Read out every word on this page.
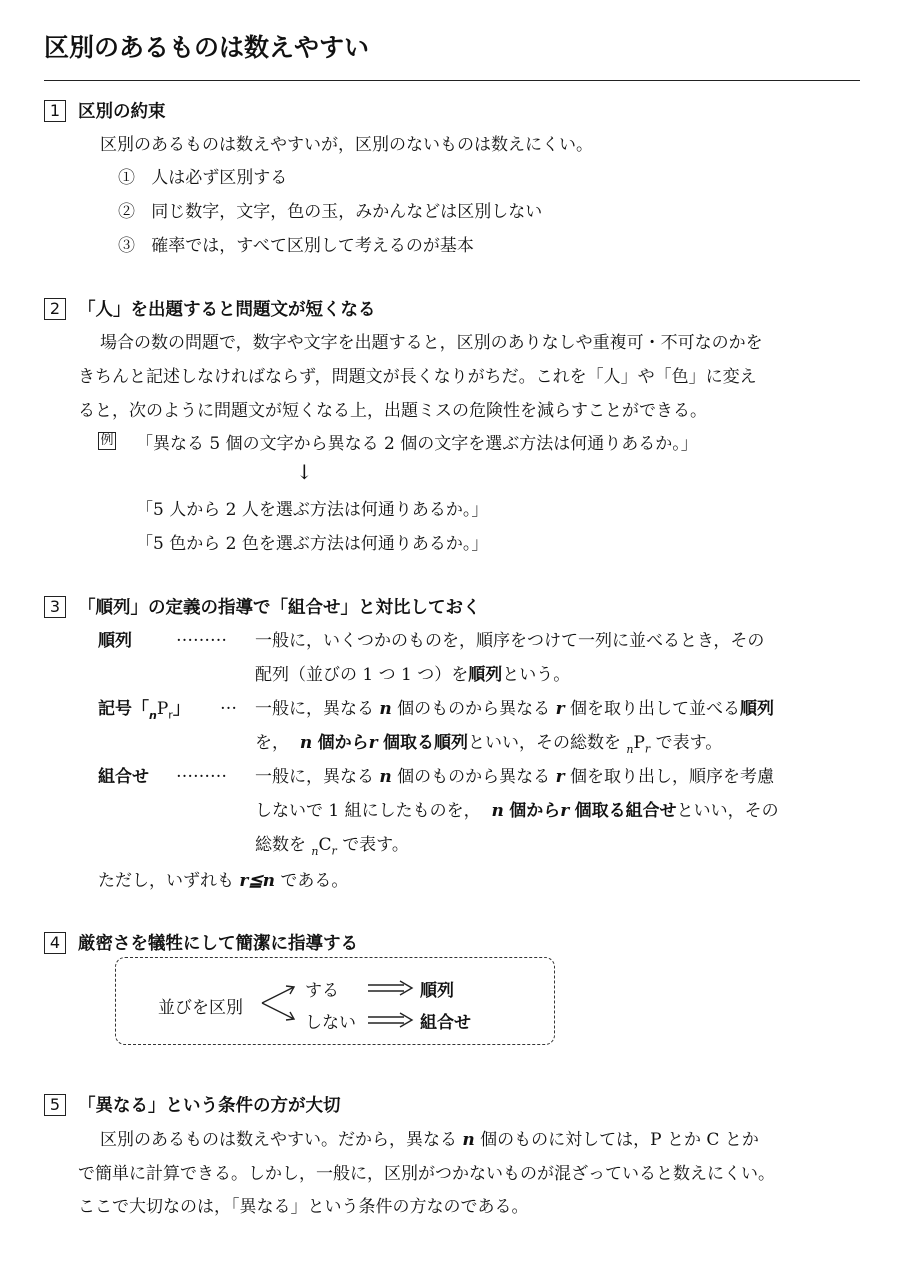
区別のあるものは数えやすい
1	区別の約束
区別のあるものは数えやすいが，区別のないものは数えにくい。
① 人は必ず区別する
② 同じ数字，文字，色の玉，みかんなどは区別しない
③ 確率では，すべて区別して考えるのが基本
2	「人」を出題すると問題文が短くなる
場合の数の問題で，数字や文字を出題すると，区別のありなしや重複可・不可なのかを
きちんと記述しなければならず，問題文が長くなりがちだ。これを「人」や「色」に変え
ると，次のように問題文が短くなる上，出題ミスの危険性を減らすことができる。
例 「異なる 5 個の文字から異なる 2 個の文字を選ぶ方法は何通りあるか。」
↓
「5 人から 2 人を選ぶ方法は何通りあるか。」
「5 色から 2 色を選ぶ方法は何通りあるか。」
3	「順列」の定義の指導で「組合せ」と対比しておく
順列	……… 一般に，いくつかのものを，順序をつけて一列に並べるとき，その
配列（並びの 1 つ 1 つ）を順列という。
記号「$_nP_r$」 … 一般に，異なる n 個のものから異なる r 個を取り出して並べる順列
を， n 個からr 個取る順列といい，その総数を $_nP_r$ で表す。
組合せ ……… 一般に，異なる n 個のものから異なる r 個を取り出し，順序を考慮
しないで 1 組にしたものを， n 個からr 個取る組合せといい，その
総数を $_nC_r$ で表す。
ただし，いずれも r≦n である。
4	厳密さを犠牲にして簡潔に指導する
並びを区別
する
しない
順列
組合せ
5	「異なる」という条件の方が大切
区別のあるものは数えやすい。だから，異なる n 個のものに対しては，P とか C とか
で簡単に計算できる。しかし，一般に，区別がつかないものが混ざっていると数えにくい。
ここで大切なのは，「異なる」という条件の方なのである。
